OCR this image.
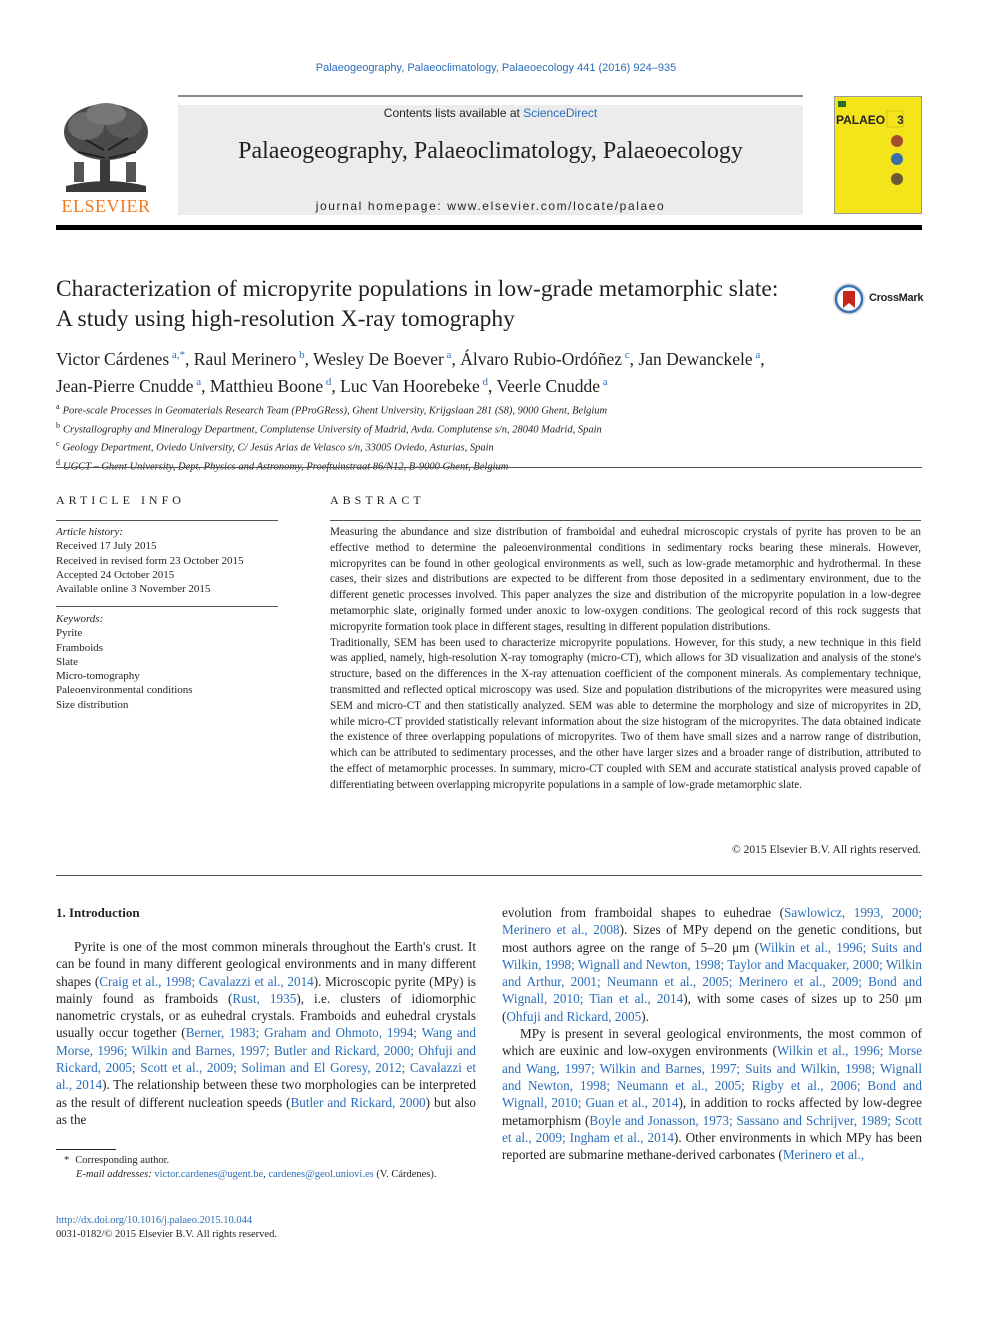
Palaeogeography, Palaeoclimatology, Palaeoecology 441 (2016) 924–935
ELSEVIER
Contents lists available at ScienceDirect
Palaeogeography, Palaeoclimatology, Palaeoecology
journal homepage: www.elsevier.com/locate/palaeo
PALAEO 3
Characterization of micropyrite populations in low-grade metamorphic slate: A study using high-resolution X-ray tomography
CrossMark
Victor Cárdenes $^{a,*}$, Raul Merinero $^b$, Wesley De Boever $^a$, Álvaro Rubio-Ordóñez $^c$, Jan Dewanckele $^a$,
Jean-Pierre Cnudde $^a$, Matthieu Boone $^d$, Luc Van Hoorebeke $^d$, Veerle Cnudde $^a$
$^a$ Pore-scale Processes in Geomaterials Research Team (PProGRess), Ghent University, Krijgslaan 281 (S8), 9000 Ghent, Belgium
$^b$ Crystallography and Mineralogy Department, Complutense University of Madrid, Avda. Complutense s/n, 28040 Madrid, Spain
$^c$ Geology Department, Oviedo University, C/ Jesús Arias de Velasco s/n, 33005 Oviedo, Asturias, Spain
$^d$
ARTICLE INFO
Article history:
Received 17 July 2015
Received in revised form 23 October 2015
Accepted 24 October 2015
Available online 3 November 2015
Keywords:
Pyrite
Framboids
Slate
Micro-tomography
Paleoenvironmental conditions
Size distribution
ABSTRACT

Measuring the abundance and size distribution of framboidal and euhedral microscopic crystals of pyrite has proven to be an effective method to determine the paleoenvironmental conditions in sedimentary rocks bearing these minerals. However, micropyrites can be found in other geological environments as well, such as low-grade metamorphic and hydrothermal. In these cases, their sizes and distributions are expected to be different from those deposited in a sedimentary environment, due to the different genetic processes involved. This paper analyzes the size and distribution of the micropyrite population in a low-degree metamorphic slate, originally formed under anoxic to low-oxygen conditions. The geological record of this rock suggests that micropyrite formation took place in different stages, resulting in different population distributions.

Traditionally, SEM has been used to characterize micropyrite populations. However, for this study, a new technique in this field was applied, namely, high-resolution X-ray tomography (micro-CT), which allows for 3D visualization and analysis of the stone's structure, based on the differences in the X-ray attenuation coefficient of the component minerals. As complementary technique, transmitted and reflected optical microscopy was used. Size and population distributions of the micropyrites were measured using SEM and micro-CT and then statistically analyzed. SEM was able to determine the morphology and size of micropyrites in 2D, while micro-CT provided statistically relevant information about the size histogram of the micropyrites. The data obtained indicate the existence of three overlapping populations of micropyrites. Two of them have small sizes and a narrow range of distribution, which can be attributed to sedimentary processes, and the other have larger sizes and a broader range of distribution, attributed to the effect of metamorphic processes. In summary, micro-CT coupled with SEM and accurate statistical analysis proved capable of differentiating between overlapping micropyrite populations in a sample of low-grade metamorphic slate.

© 2015 Elsevier B.V. All rights reserved.
1. Introduction

Pyrite is one of the most common minerals throughout the Earth's crust. It can be found in many different geological environments and in many different shapes (Craig et al., 1998; Cavalazzi et al., 2014). Microscopic pyrite (MPy) is mainly found as framboids (Rust, 1935), i.e. clusters of idiomorphic nanometric crystals, or as euhedral crystals. Framboids and euhedral crystals usually occur together (Berner, 1983; Graham and Ohmoto, 1994; Wang and Morse, 1996; Wilkin and Barnes, 1997; Butler and Rickard, 2000; Ohfuji and Rickard, 2005; Scott et al., 2009; Soliman and El Goresy, 2012; Cavalazzi et al., 2014). The relationship between these two morphologies can be interpreted as the result of different nucleation speeds (Butler and Rickard, 2000) but also as the

evolution from framboidal shapes to euhedrae (Sawlowicz, 1993, 2000; Merinero et al., 2008). Sizes of MPy depend on the genetic conditions, but most authors agree on the range of 5–20 μm (Wilkin et al., 1996; Suits and Wilkin, 1998; Wignall and Newton, 1998; Taylor and Macquaker, 2000; Wilkin and Arthur, 2001; Neumann et al., 2005; Merinero et al., 2009; Bond and Wignall, 2010; Tian et al., 2014), with some cases of sizes up to 250 μm (Ohfuji and Rickard, 2005).

MPy is present in several geological environments, the most common of which are euxinic and low-oxygen environments (Wilkin et al., 1996; Morse and Wang, 1997; Wilkin and Barnes, 1997; Suits and Wilkin, 1998; Wignall and Newton, 1998; Neumann et al., 2005; Rigby et al., 2006; Bond and Wignall, 2010; Guan et al., 2014), in addition to rocks affected by low-degree metamorphism (Boyle and Jonasson, 1973; Sassano and Schrijver, 1989; Scott et al., 2009; Ingham et al., 2014). Other environments in which MPy has been reported are submarine methane-derived carbonates (Merinero et al.,

* Corresponding author.
E-mail addresses: victor.cardenes@ugent.be, cardenes@geol.uniovi.es (V. Cárdenes).
http://dx.doi.org/10.1016/j.palaeo.2015.10.044
0031-0182/© 2015 Elsevier B.V. All rights reserved.
